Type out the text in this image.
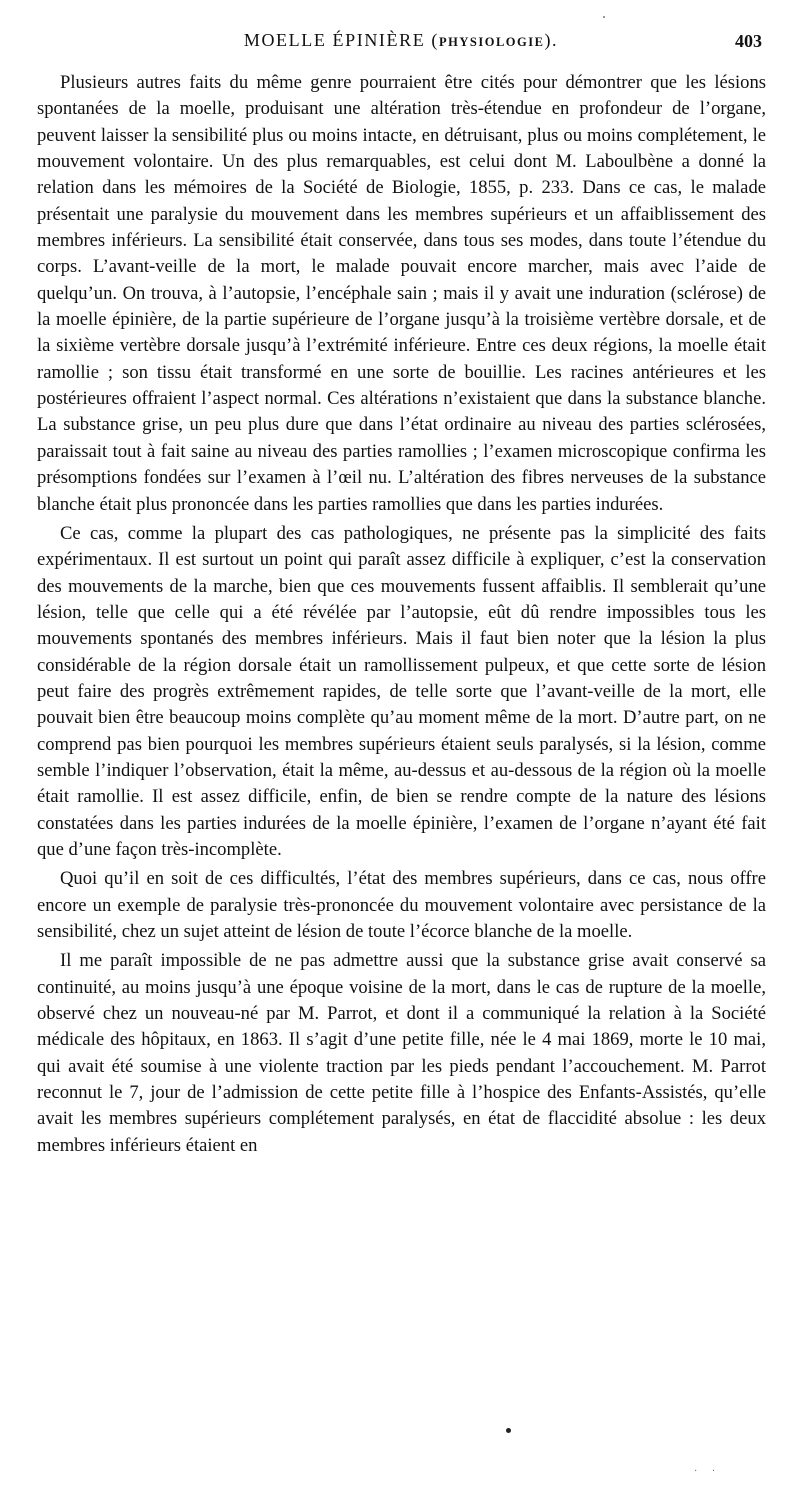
MOELLE ÉPINIÈRE (PHYSIOLOGIE).	403

Plusieurs autres faits du même genre pourraient être cités pour démontrer que les lésions spontanées de la moelle, produisant une altération très-étendue en profondeur de l’organe, peuvent laisser la sensibilité plus ou moins intacte, en détruisant, plus ou moins complétement, le mouvement volontaire. Un des plus remarquables, est celui dont M. Laboulbène a donné la relation dans les mémoires de la Société de Biologie, 1855, p. 233. Dans ce cas, le malade présentait une paralysie du mouvement dans les membres supérieurs et un affaiblissement des membres inférieurs. La sensibilité était conservée, dans tous ses modes, dans toute l’étendue du corps. L’avant-veille de la mort, le malade pouvait encore marcher, mais avec l’aide de quelqu’un. On trouva, à l’autopsie, l’encéphale sain ; mais il y avait une induration (sclérose) de la moelle épinière, de la partie supérieure de l’organe jusqu’à la troisième vertèbre dorsale, et de la sixième vertèbre dorsale jusqu’à l’extrémité inférieure. Entre ces deux régions, la moelle était ramollie ; son tissu était transformé en une sorte de bouillie. Les racines antérieures et les postérieures offraient l’aspect normal. Ces altérations n’existaient que dans la substance blanche. La substance grise, un peu plus dure que dans l’état ordinaire au niveau des parties sclérosées, paraissait tout à fait saine au niveau des parties ramollies ; l’examen microscopique confirma les présomptions fondées sur l’examen à l’œil nu. L’altération des fibres nerveuses de la substance blanche était plus prononcée dans les parties ramollies que dans les parties indurées.

Ce cas, comme la plupart des cas pathologiques, ne présente pas la simplicité des faits expérimentaux. Il est surtout un point qui paraît assez difficile à expliquer, c’est la conservation des mouvements de la marche, bien que ces mouvements fussent affaiblis. Il semblerait qu’une lésion, telle que celle qui a été révélée par l’autopsie, eût dû rendre impossibles tous les mouvements spontanés des membres inférieurs. Mais il faut bien noter que la lésion la plus considérable de la région dorsale était un ramollissement pulpeux, et que cette sorte de lésion peut faire des progrès extrêmement rapides, de telle sorte que l’avant-veille de la mort, elle pouvait bien être beaucoup moins complète qu’au moment même de la mort. D’autre part, on ne comprend pas bien pourquoi les membres supérieurs étaient seuls paralysés, si la lésion, comme semble l’indiquer l’observation, était la même, au-dessus et au-dessous de la région où la moelle était ramollie. Il est assez difficile, enfin, de bien se rendre compte de la nature des lésions constatées dans les parties indurées de la moelle épinière, l’examen de l’organe n’ayant été fait que d’une façon très-incomplète.

Quoi qu’il en soit de ces difficultés, l’état des membres supérieurs, dans ce cas, nous offre encore un exemple de paralysie très-prononcée du mouvement volontaire avec persistance de la sensibilité, chez un sujet atteint de lésion de toute l’écorce blanche de la moelle.

Il me paraît impossible de ne pas admettre aussi que la substance grise avait conservé sa continuité, au moins jusqu’à une époque voisine de la mort, dans le cas de rupture de la moelle, observé chez un nouveau-né par M. Parrot, et dont il a communiqué la relation à la Société médicale des hôpitaux, en 1863. Il s’agit d’une petite fille, née le 4 mai 1869, morte le 10 mai, qui avait été soumise à une violente traction par les pieds pendant l’accouchement. M. Parrot reconnut le 7, jour de l’admission de cette petite fille à l’hospice des Enfants-Assistés, qu’elle avait les membres supérieurs complétement paralysés, en état de flaccidité absolue : les deux membres inférieurs étaient en

· ·
